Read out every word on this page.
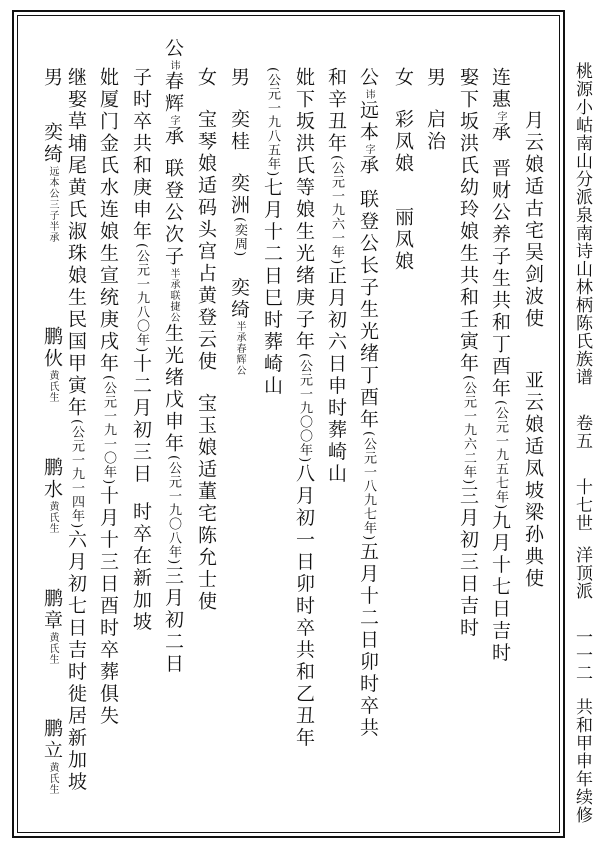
桃源小岵南山分派泉南诗山林柄陈氏族谱卷五十七世洋顶派一一二共和甲申年续修
月云娘适古宅吴剑波使亚云娘适凤坡梁孙典使
连惠字承晋财公养子生共和丁酉年(公元一九五七年)九月十七日吉时
娶下坂洪氏幼玲娘生共和壬寅年(公元一九六二年)三月初三日吉时
男启治
女彩凤娘丽凤娘
公讳远本字承联登公长子生光绪丁酉年(公元一八九七年)五月十二日卯时卒共
和辛丑年(公元一九六一年)正月初六日申时葬崎山
妣下坂洪氏等娘生光绪庚子年(公元一九〇〇年)八月初一日卯时卒共和乙丑年
(公元一九八五年)七月十二日巳时葬崎山
男奕桂奕洲(奕周)奕绮半承春辉公
女宝琴娘适码头宫占黄登云使宝玉娘适董宅陈允士使
公讳春辉字承联登公次子半承联捷公生光绪戊申年(公元一九〇八年)三月初二日
子时卒共和庚申年(公元一九八〇年)十二月初三日时卒在新加坡
妣厦门金氏水连娘生宣统庚戌年(公元一九一〇年)十月十三日酉时卒葬俱失
继娶草埔尾黄氏淑珠娘生民国甲寅年(公元一九一四年)六月初七日吉时徙居新加坡
男
奕绮远本公三子半承
鹏伙黄氏生
鹏水黄氏生
鹏章黄氏生
鹏立黄氏生
